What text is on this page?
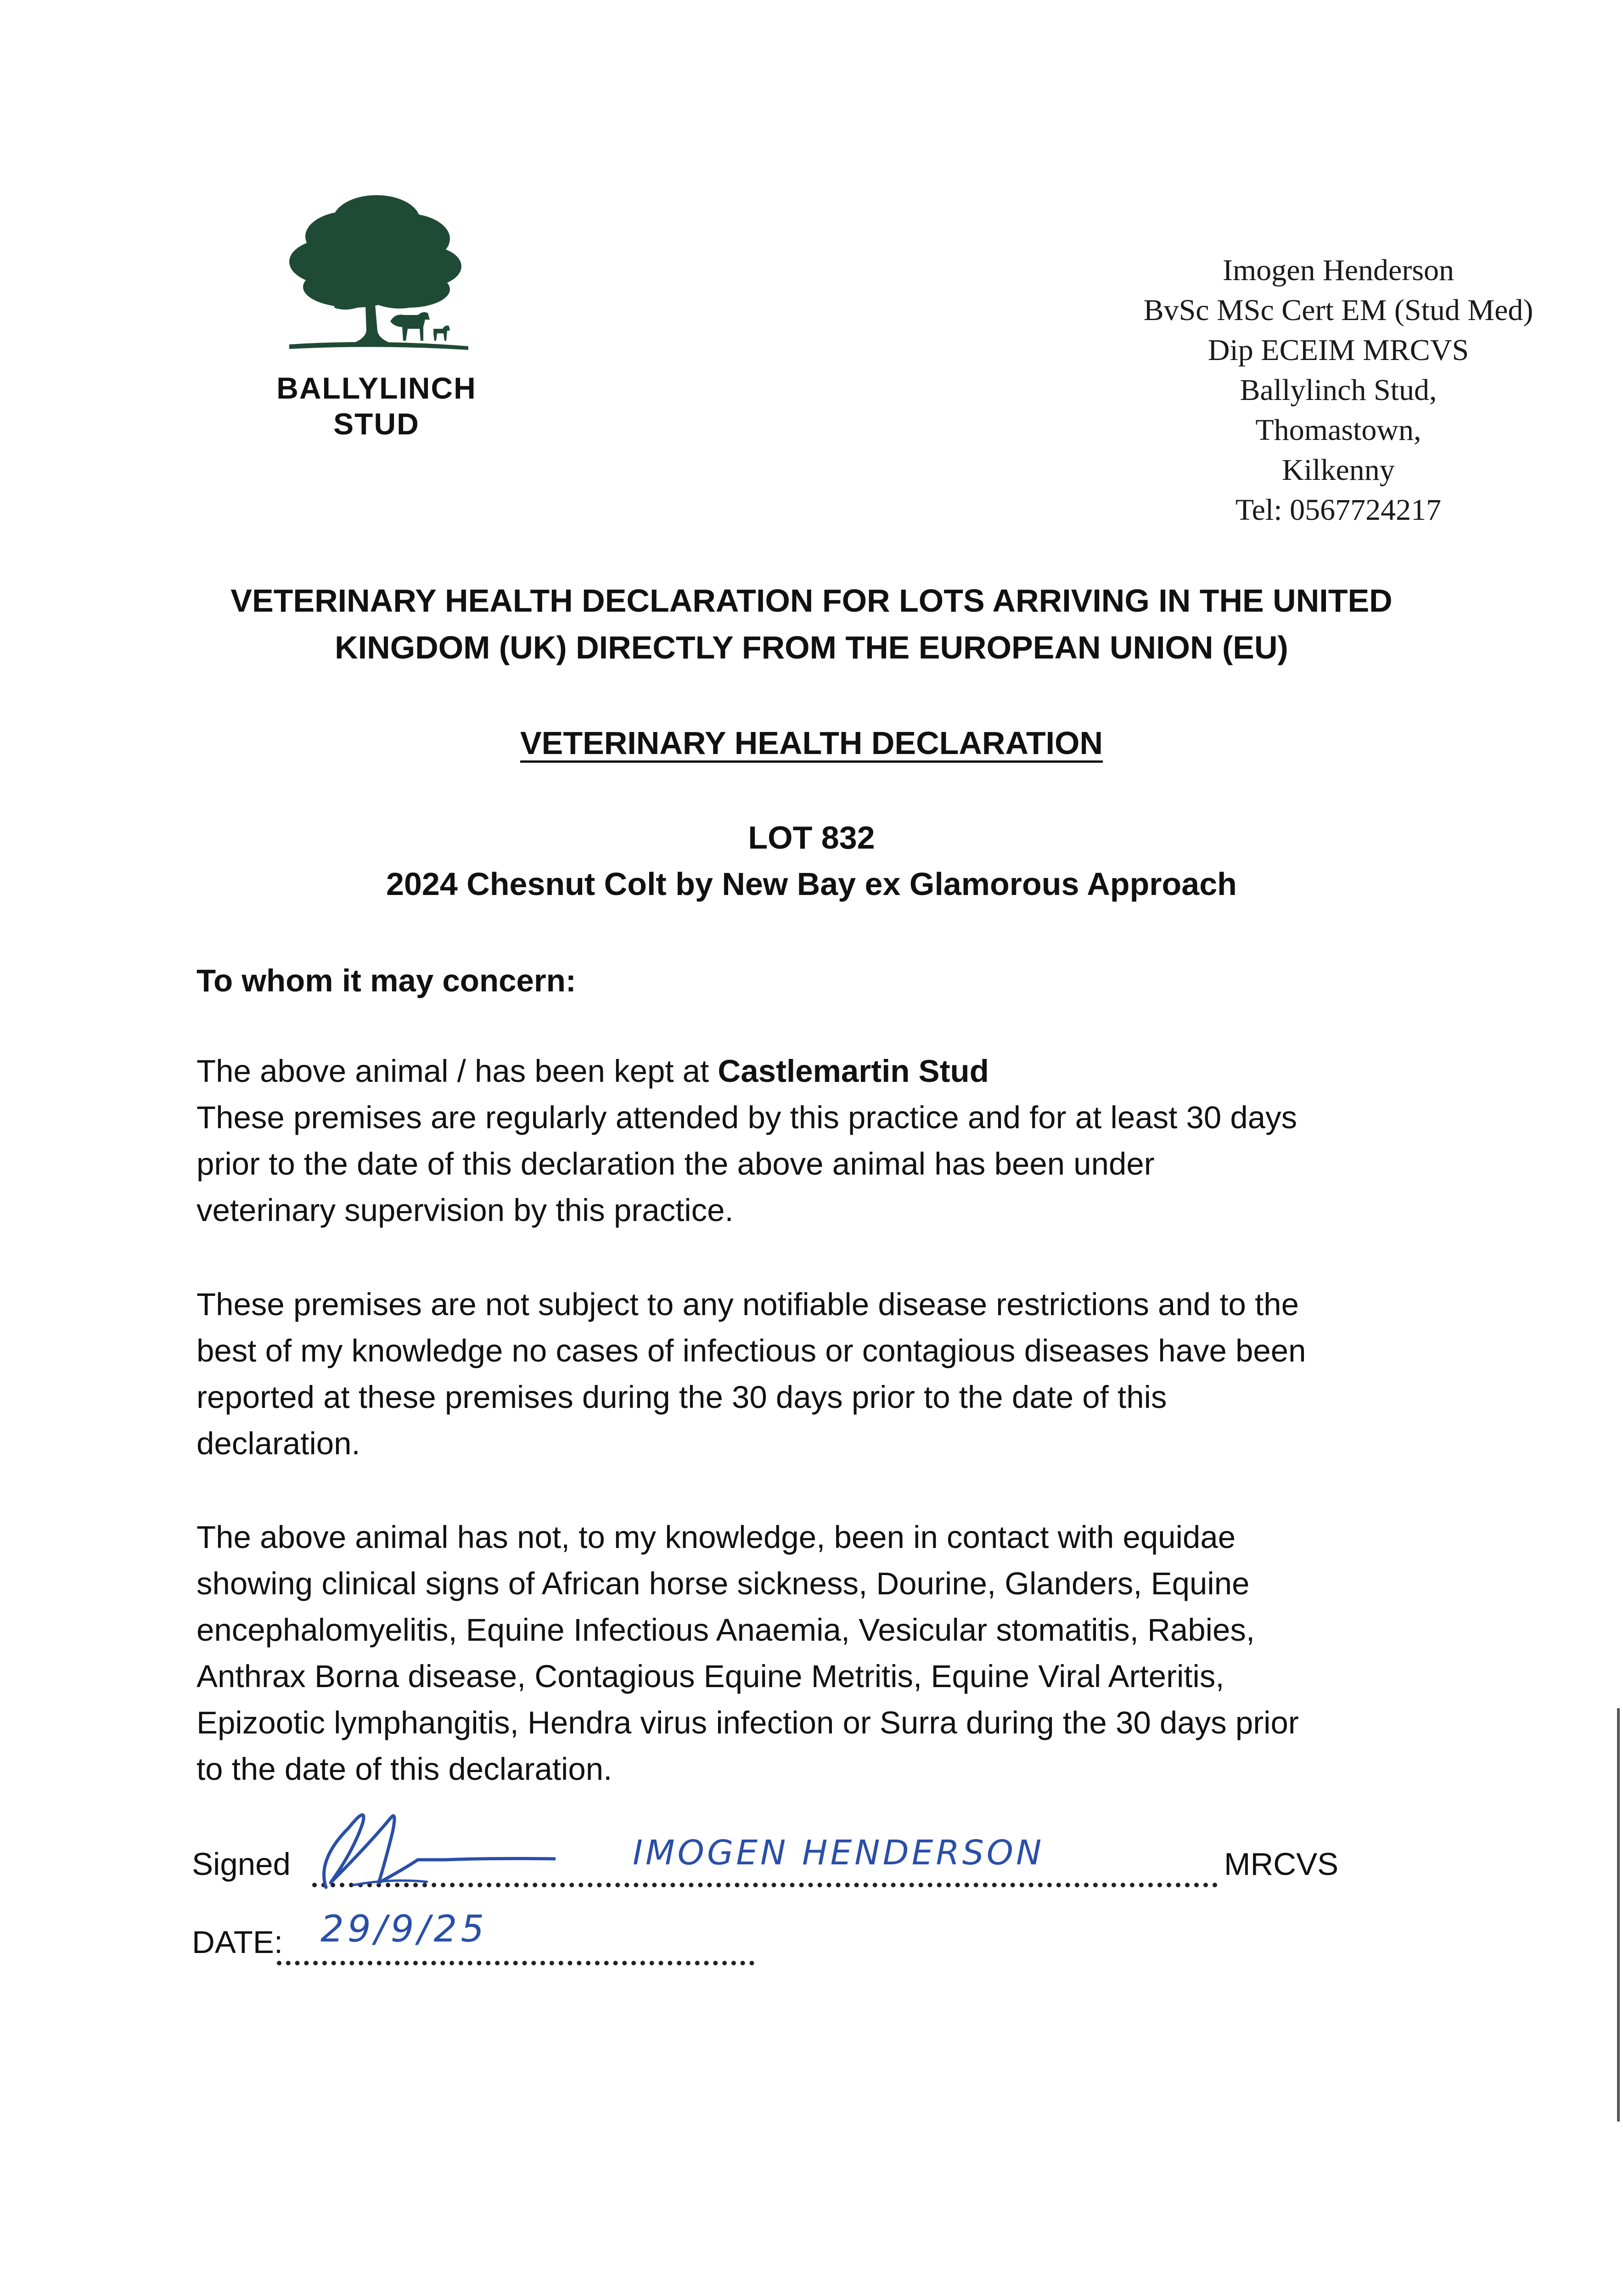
BALLYLINCH
STUD
Imogen Henderson
BvSc MSc Cert EM (Stud Med)
Dip ECEIM MRCVS
Ballylinch Stud,
Thomastown,
Kilkenny
Tel: 0567724217
VETERINARY HEALTH DECLARATION FOR LOTS ARRIVING IN THE UNITED
KINGDOM (UK) DIRECTLY FROM THE EUROPEAN UNION (EU)
VETERINARY HEALTH DECLARATION
LOT 832
2024 Chesnut Colt by New Bay ex Glamorous Approach
To whom it may concern:
The above animal / has been kept at Castlemartin Stud
These premises are regularly attended by this practice and for at least 30 days
prior to the date of this declaration the above animal has been under
veterinary supervision by this practice.
These premises are not subject to any notifiable disease restrictions and to the
best of my knowledge no cases of infectious or contagious diseases have been
reported at these premises during the 30 days prior to the date of this
declaration.
The above animal has not, to my knowledge, been in contact with equidae
showing clinical signs of African horse sickness, Dourine, Glanders, Equine
encephalomyelitis, Equine Infectious Anaemia, Vesicular stomatitis, Rabies,
Anthrax Borna disease, Contagious Equine Metritis, Equine Viral Arteritis,
Epizootic lymphangitis, Hendra virus infection or Surra during the 30 days prior
to the date of this declaration.
Signed	IMOGEN HENDERSON	MRCVS
DATE: 29/9/25
